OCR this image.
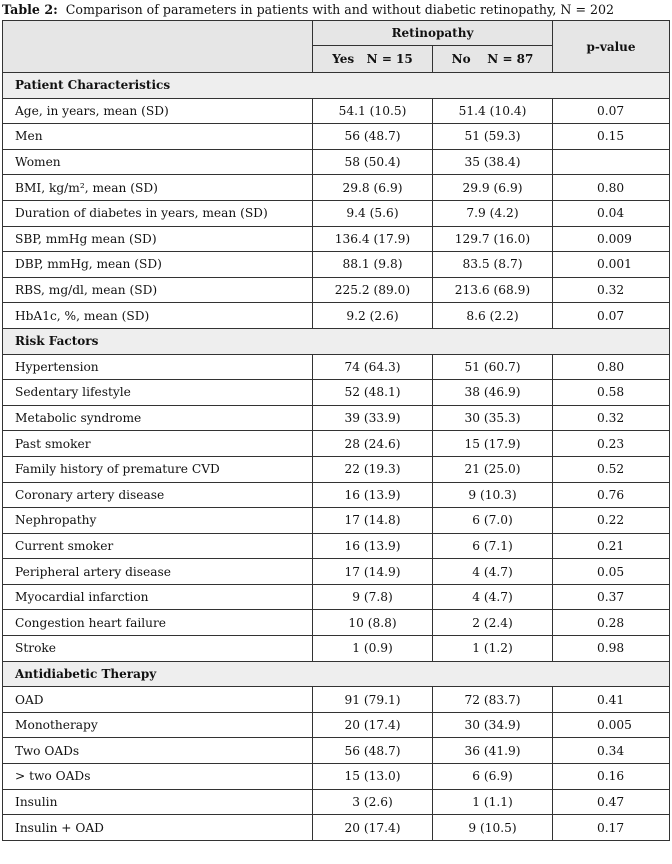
Table 2: Comparison of parameters in patients with and without diabetic retinopathy, N = 202
	Retinopathy		p-value
	Yes   N = 15	No    N = 87	
Patient Characteristics			
Age, in years, mean (SD)	54.1 (10.5)	51.4 (10.4)	0.07
Men	56 (48.7)	51 (59.3)	0.15
Women	58 (50.4)	35 (38.4)	
BMI, kg/m², mean (SD)	29.8 (6.9)	29.9 (6.9)	0.80
Duration of diabetes in years, mean (SD)	9.4 (5.6)	7.9 (4.2)	0.04
SBP, mmHg mean (SD)	136.4 (17.9)	129.7 (16.0)	0.009
DBP, mmHg, mean (SD)	88.1 (9.8)	83.5 (8.7)	0.001
RBS, mg/dl, mean (SD)	225.2 (89.0)	213.6 (68.9)	0.32
HbA1c, %, mean (SD)	9.2 (2.6)	8.6 (2.2)	0.07
Risk Factors			
Hypertension	74 (64.3)	51 (60.7)	0.80
Sedentary lifestyle	52 (48.1)	38 (46.9)	0.58
Metabolic syndrome	39 (33.9)	30 (35.3)	0.32
Past smoker	28 (24.6)	15 (17.9)	0.23
Family history of premature CVD	22 (19.3)	21 (25.0)	0.52
Coronary artery disease	16 (13.9)	9 (10.3)	0.76
Nephropathy	17 (14.8)	6 (7.0)	0.22
Current smoker	16 (13.9)	6 (7.1)	0.21
Peripheral artery disease	17 (14.9)	4 (4.7)	0.05
Myocardial infarction	9 (7.8)	4 (4.7)	0.37
Congestion heart failure	10 (8.8)	2 (2.4)	0.28
Stroke	1 (0.9)	1 (1.2)	0.98
Antidiabetic Therapy			
OAD	91 (79.1)	72 (83.7)	0.41
Monotherapy	20 (17.4)	30 (34.9)	0.005
Two OADs	56 (48.7)	36 (41.9)	0.34
> two OADs	15 (13.0)	6 (6.9)	0.16
Insulin	3 (2.6)	1 (1.1)	0.47
Insulin + OAD	20 (17.4)	9 (10.5)	0.17
